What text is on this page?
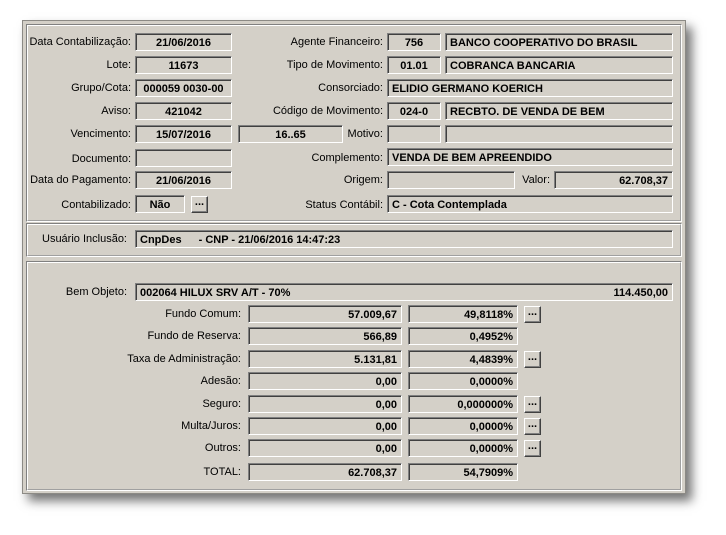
Data Contabilização:	21/06/2016
Lote:	11673
Grupo/Cota:	000059 0030-00
Aviso:	421042
Vencimento:	15/07/2016	16..65
Documento:
Data do Pagamento:	21/06/2016
Contabilizado:	Não	...
Agente Financeiro:	756	BANCO COOPERATIVO DO BRASIL
Tipo de Movimento:	01.01	COBRANCA BANCARIA
Consorciado: ELIDIO GERMANO KOERICH
Código de Movimento:	024-0	RECBTO. DE VENDA DE BEM
Motivo:
Complemento: VENDA DE BEM APREENDIDO
Origem:	Valor:	62.708,37
Status Contábil: C - Cota Contemplada
Usuário Inclusão:	CnpDes - CNP - 21/06/2016 14:47:23
Bem Objeto:	002064 HILUX SRV A/T - 70%	114.450,00
Fundo Comum:	57.009,67	49,8118%	...
Fundo de Reserva:	566,89	0,4952%
Taxa de Administração:	5.131,81	4,4839%	...
Adesão:	0,00	0,0000%
Seguro:	0,00	0,000000%	...
Multa/Juros:	0,00	0,0000%	...
Outros:	0,00	0,0000%	...
TOTAL:	62.708,37	54,7909%
